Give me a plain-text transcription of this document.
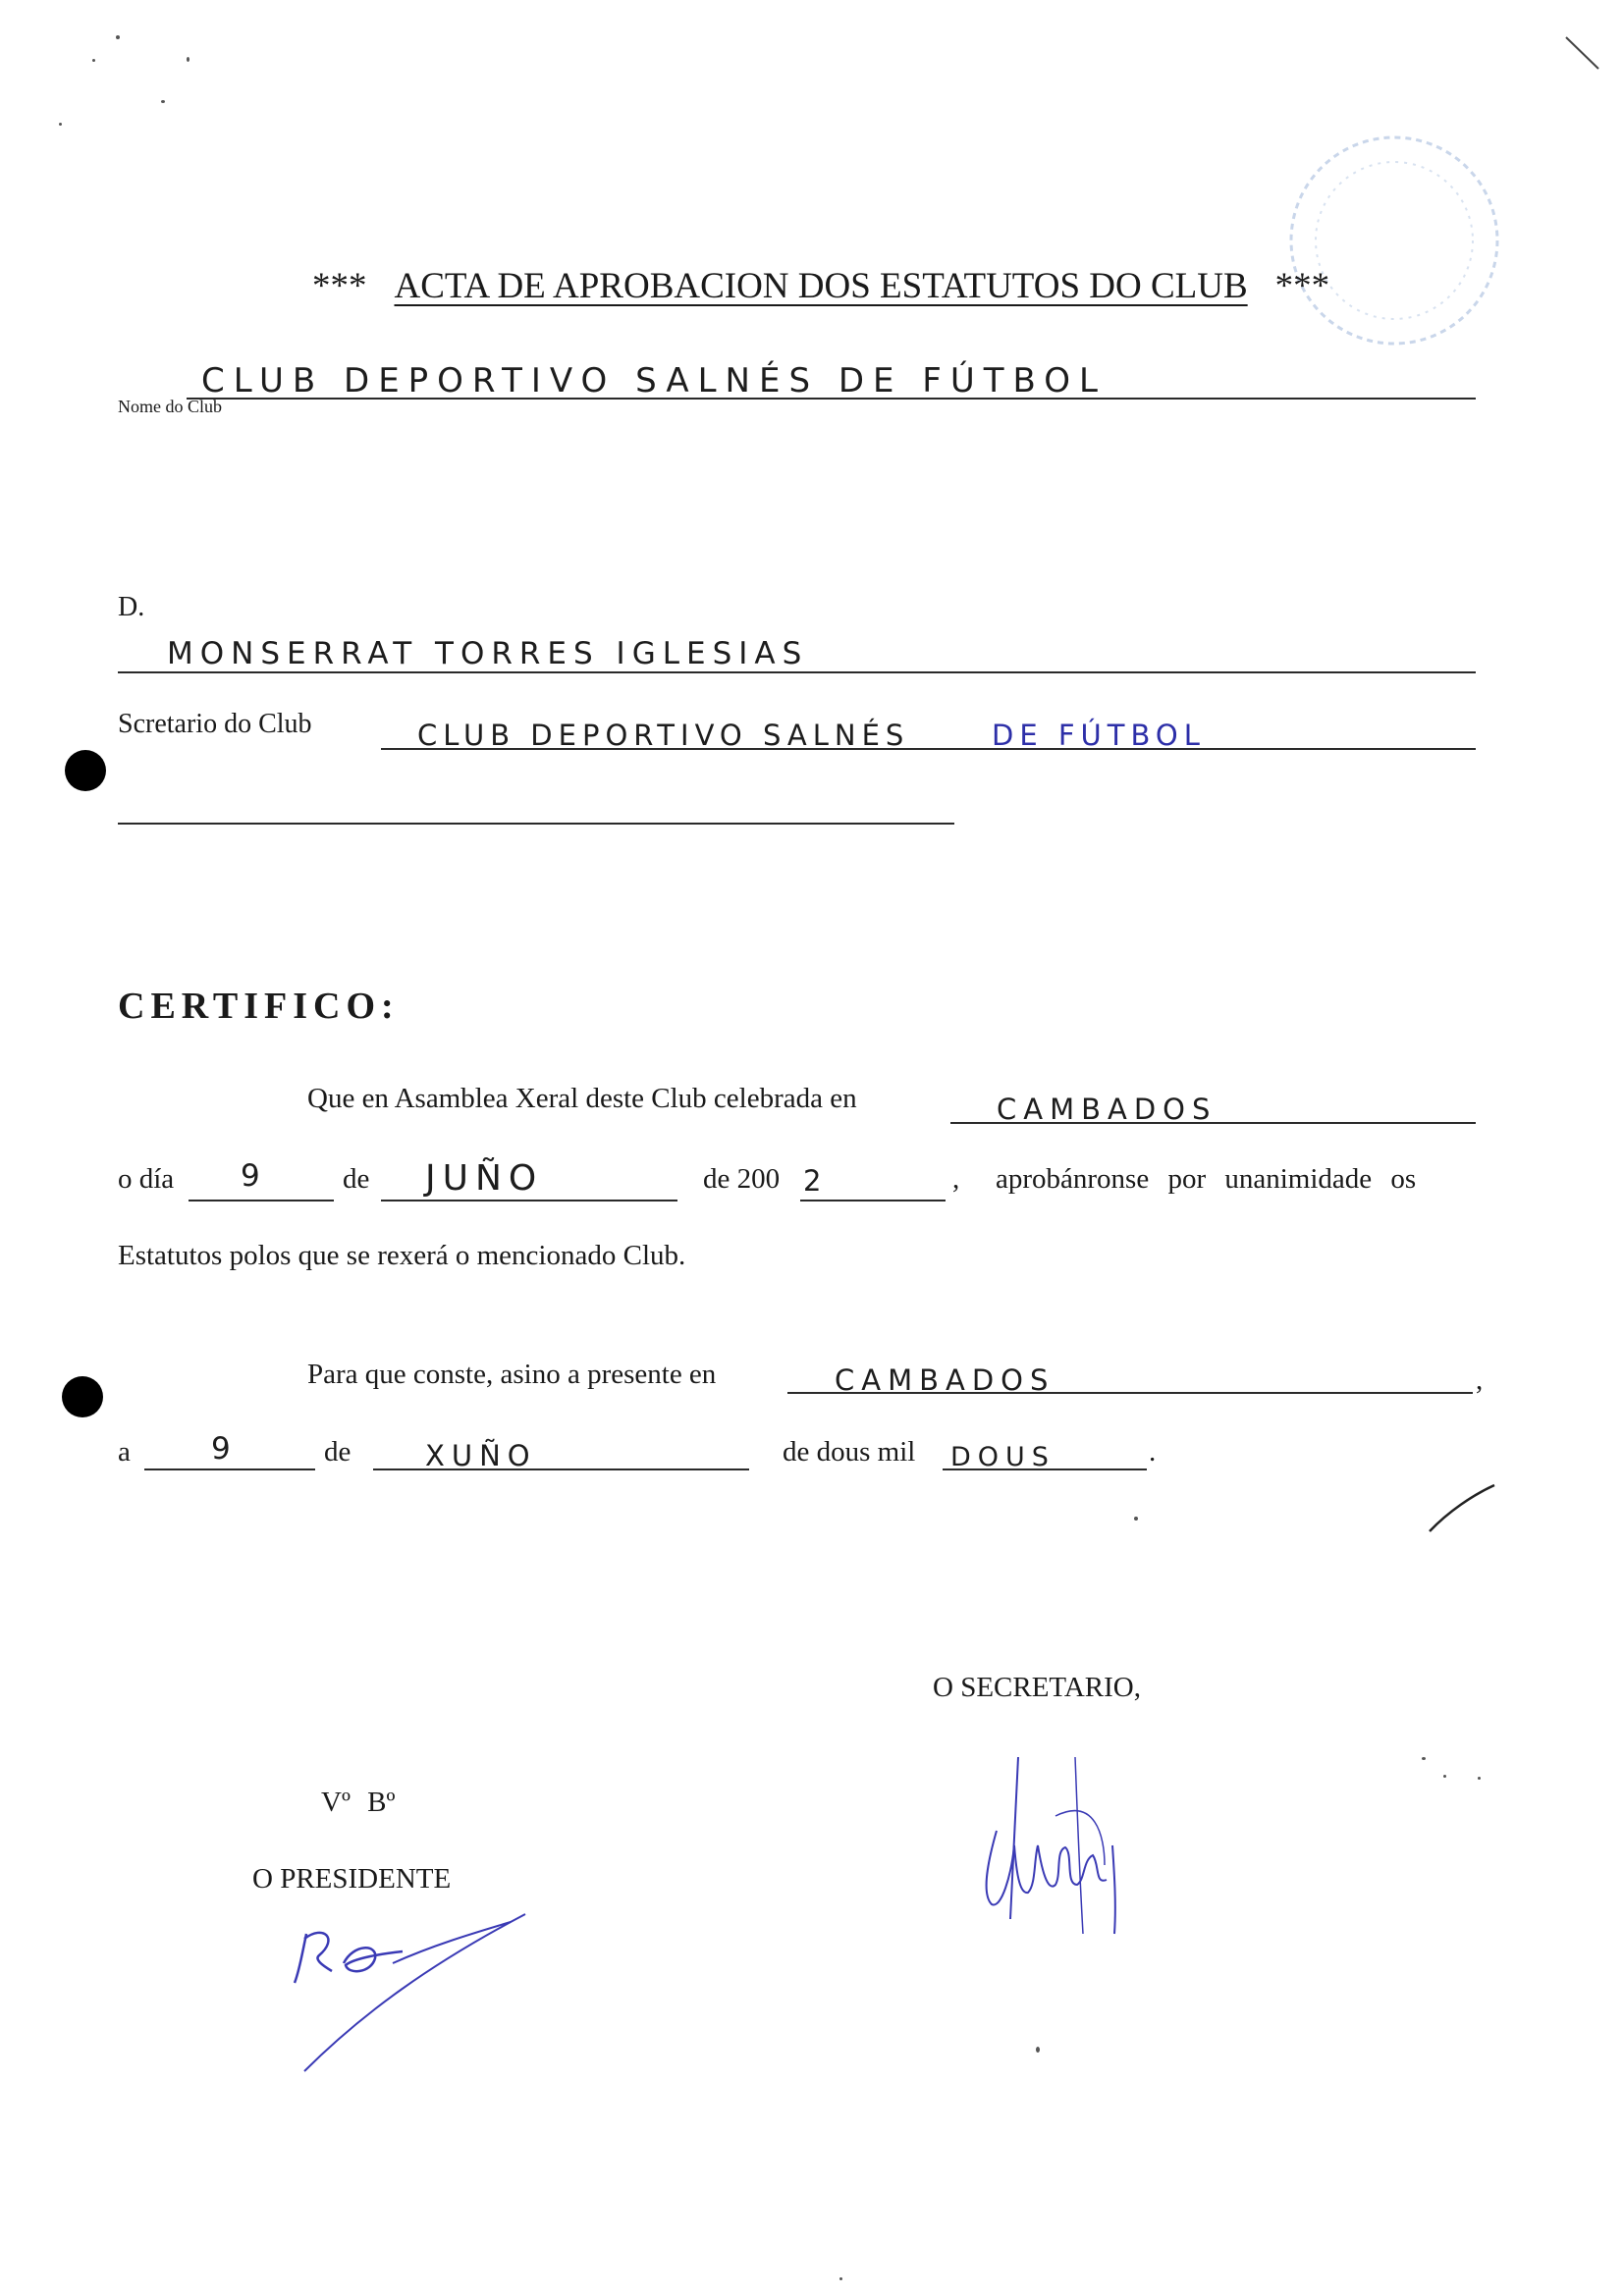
*** ACTA DE APROBACION DOS ESTATUTOS DO CLUB ***
CLUB DEPORTIVO SALNÉS DE FÚTBOL
Nome do Club
D.
MONSERRAT TORRES IGLESIAS
Scretario do Club	CLUB DEPORTIVO SALNÉS	DE FÚTBOL
CERTIFICO:
Que en Asamblea Xeral deste Club celebrada en	CAMBADOS
o día 9	de JUÑO	de 200 2	, aprobánronse por unanimidade os
Estatutos polos que se rexerá o mencionado Club.
Para que conste, asino a presente en	CAMBADOS	,
a	9	de	XUÑO	de dous mil DOUS	.
O SECRETARIO,
Vº Bº
O PRESIDENTE
